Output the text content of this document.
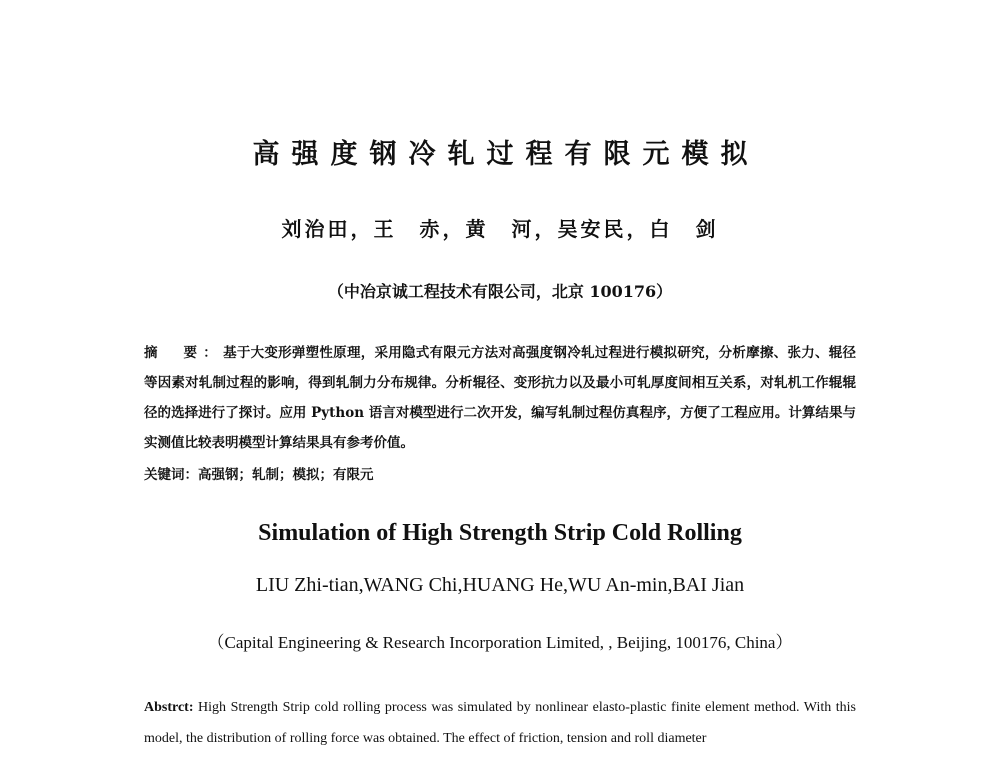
高强度钢冷轧过程有限元模拟
刘治田，王　赤，黄　河，吴安民，白　剑
（中冶京诚工程技术有限公司，北京 100176）
摘　要：基于大变形弹塑性原理，采用隐式有限元方法对高强度钢冷轧过程进行模拟研究，分析摩擦、张力、辊径等因素对轧制过程的影响，得到轧制力分布规律。分析辊径、变形抗力以及最小可轧厚度间相互关系，对轧机工作辊辊径的选择进行了探讨。应用 Python 语言对模型进行二次开发，编写轧制过程仿真程序，方便了工程应用。计算结果与实测值比较表明模型计算结果具有参考价值。
关键词：高强钢；轧制；模拟；有限元
Simulation of High Strength Strip Cold Rolling
LIU Zhi-tian,WANG Chi,HUANG He,WU An-min,BAI Jian
（Capital Engineering & Research Incorporation Limited, , Beijing, 100176, China）
Abstrct: High Strength Strip cold rolling process was simulated by nonlinear elasto-plastic finite element method. With this model, the distribution of rolling force was obtained. The effect of friction, tension and roll diameter
